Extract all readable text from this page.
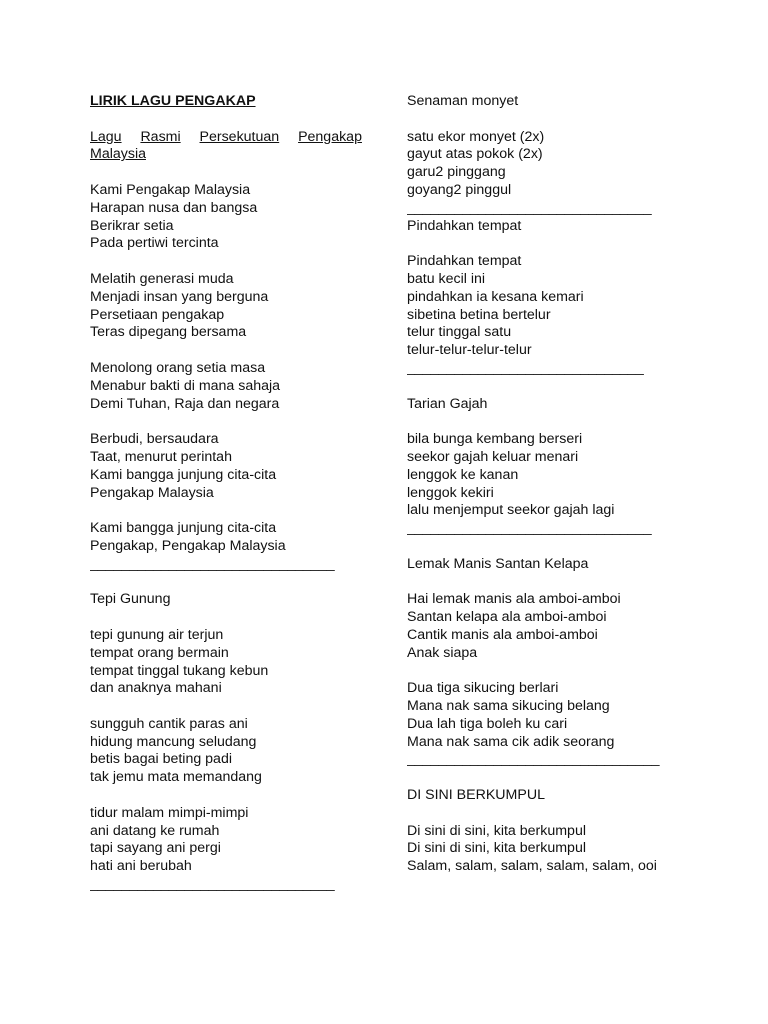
LIRIK LAGU PENGAKAP
Lagu Rasmi Persekutuan Pengakap
Malaysia
Kami Pengakap Malaysia
Harapan nusa dan bangsa
Berikrar setia
Pada pertiwi tercinta
Melatih generasi muda
Menjadi insan yang berguna
Persetiaan pengakap
Teras dipegang bersama
Menolong orang setia masa
Menabur bakti di mana sahaja
Demi Tuhan, Raja dan negara
Berbudi, bersaudara
Taat, menurut perintah
Kami bangga junjung cita-cita
Pengakap Malaysia
Kami bangga junjung cita-cita
Pengakap, Pengakap Malaysia
_______________________________
Tepi Gunung
tepi gunung air terjun
tempat orang bermain
tempat tinggal tukang kebun
dan anaknya mahani
sungguh cantik paras ani
hidung mancung seludang
betis bagai beting padi
tak jemu mata memandang
tidur malam mimpi-mimpi
ani datang ke rumah
tapi sayang ani pergi
hati ani berubah
_______________________________
Senaman monyet
satu ekor monyet (2x)
gayut atas pokok (2x)
garu2 pinggang
goyang2 pinggul
_______________________________
Pindahkan tempat
Pindahkan tempat
batu kecil ini
pindahkan ia kesana kemari
sibetina betina bertelur
telur tinggal satu
telur-telur-telur-telur
______________________________
Tarian Gajah
bila bunga kembang berseri
seekor gajah keluar menari
lenggok ke kanan
lenggok kekiri
lalu menjemput seekor gajah lagi
_______________________________
Lemak Manis Santan Kelapa
Hai lemak manis ala amboi-amboi
Santan kelapa ala amboi-amboi
Cantik manis ala amboi-amboi
Anak siapa
Dua tiga sikucing berlari
Mana nak sama sikucing belang
Dua lah tiga boleh ku cari
Mana nak sama cik adik seorang
________________________________
DI SINI BERKUMPUL
Di sini di sini, kita berkumpul
Di sini di sini, kita berkumpul
Salam, salam, salam, salam, salam, ooi
